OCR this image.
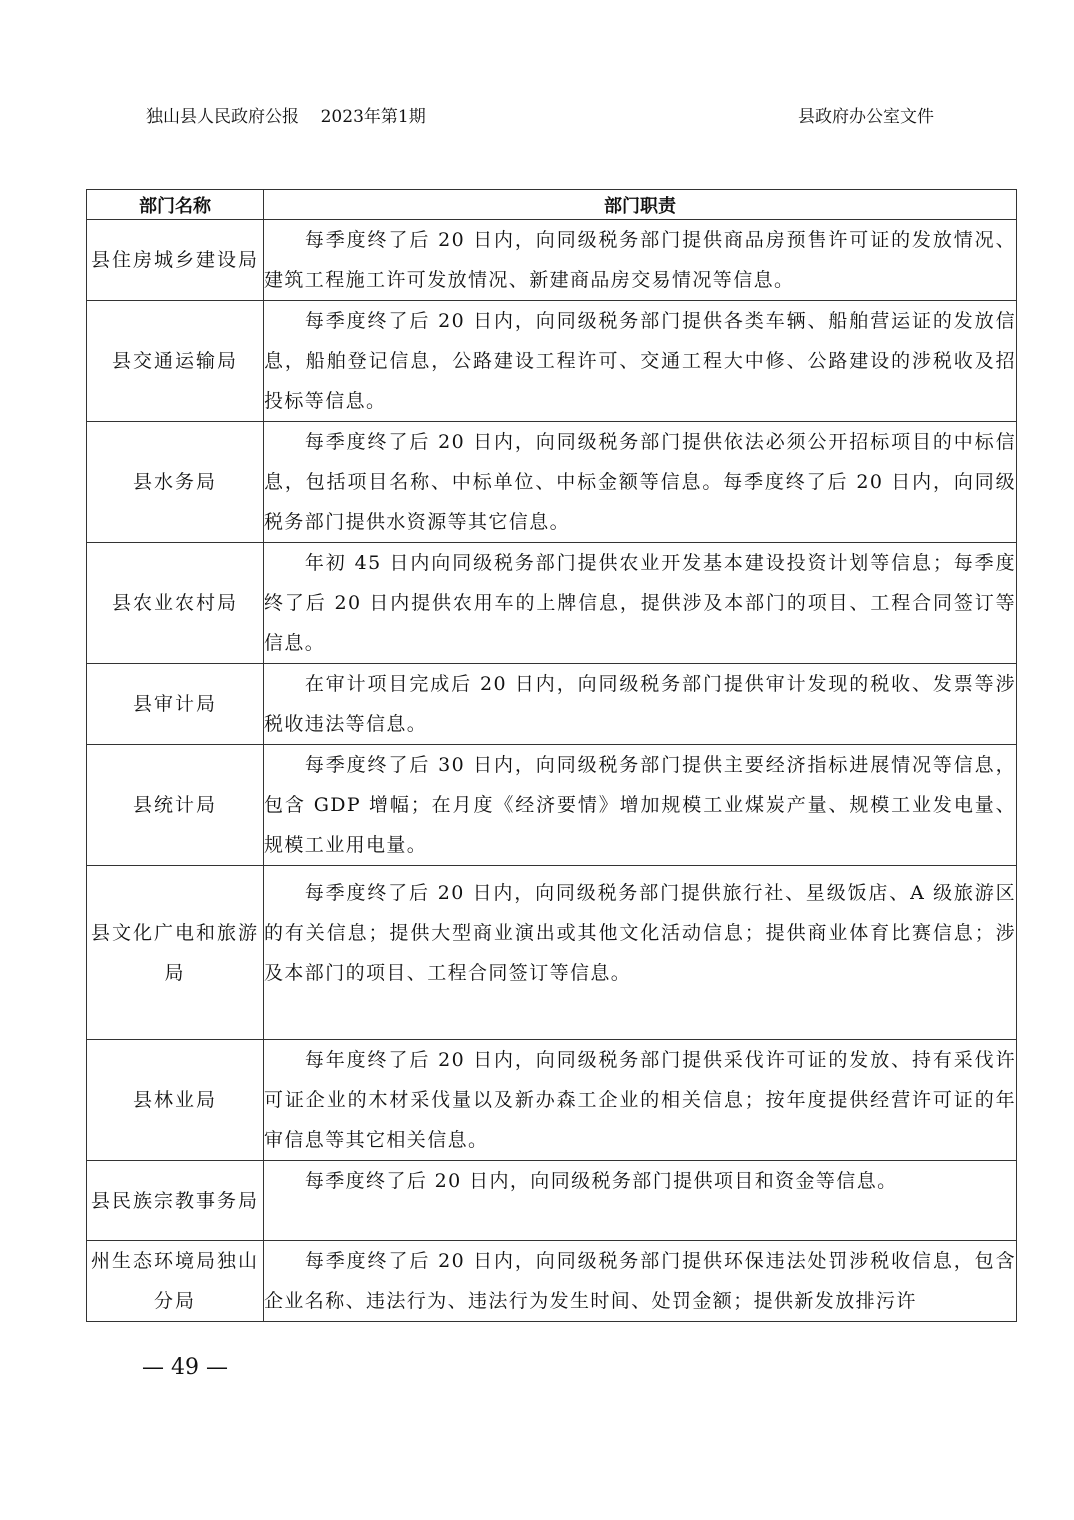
独山县人民政府公报    2023年第1期	县政府办公室文件
部门名称	部门职责
县住房城乡建设局	每季度终了后 20 日内，向同级税务部门提供商品房预售许可证的发放情况、建筑工程施工许可发放情况、新建商品房交易情况等信息。

县交通运输局	每季度终了后 20 日内，向同级税务部门提供各类车辆、船舶营运证的发放信息，船舶登记信息，公路建设工程许可、交通工程大中修、公路建设的涉税收及招投标等信息。

县水务局	每季度终了后 20 日内，向同级税务部门提供依法必须公开招标项目的中标信息，包括项目名称、中标单位、中标金额等信息。每季度终了后 20 日内，向同级税务部门提供水资源等其它信息。

县农业农村局	年初 45 日内向同级税务部门提供农业开发基本建设投资计划等信息；每季度终了后 20 日内提供农用车的上牌信息，提供涉及本部门的项目、工程合同签订等信息。

县审计局	在审计项目完成后 20 日内，向同级税务部门提供审计发现的税收、发票等涉税收违法等信息。

县统计局	每季度终了后 30 日内，向同级税务部门提供主要经济指标进展情况等信息，包含 GDP 增幅；在月度《经济要情》增加规模工业煤炭产量、规模工业发电量、规模工业用电量。

县文化广电和旅游局	每季度终了后 20 日内，向同级税务部门提供旅行社、星级饭店、A 级旅游区的有关信息；提供大型商业演出或其他文化活动信息；提供商业体育比赛信息；涉及本部门的项目、工程合同签订等信息。

县林业局	每年度终了后 20 日内，向同级税务部门提供采伐许可证的发放、持有采伐许可证企业的木材采伐量以及新办森工企业的相关信息；按年度提供经营许可证的年审信息等其它相关信息。

县民族宗教事务局	每季度终了后 20 日内，向同级税务部门提供项目和资金等信息。

州生态环境局独山分局	每季度终了后 20 日内，向同级税务部门提供环保违法处罚涉税收信息，包含企业名称、违法行为、违法行为发生时间、处罚金额；提供新发放排污许
— 49 —
